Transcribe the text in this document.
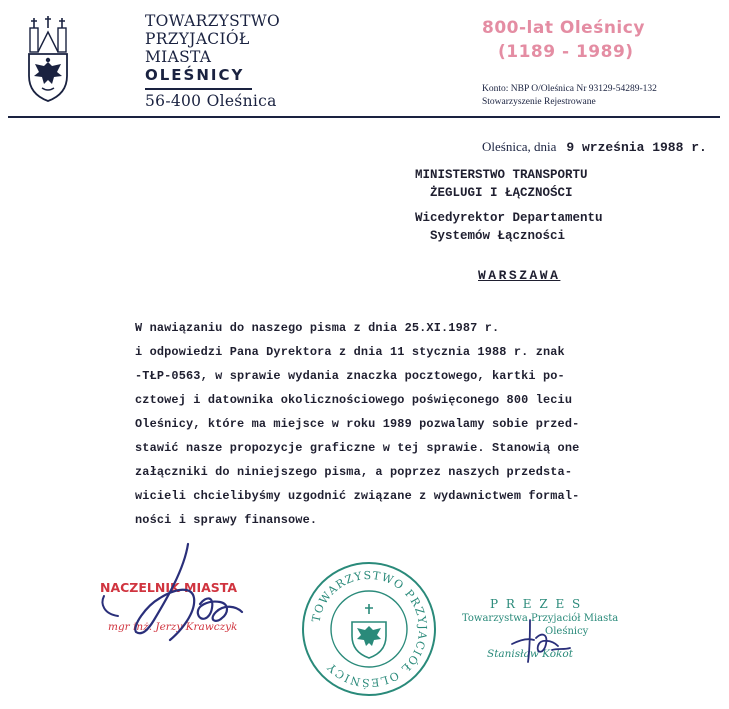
TOWARZYSTWO
PRZYJACIÓŁ
MIASTA
OLEŚNICY
56-400 Oleśnica
800-lat Oleśnicy
(1189 - 1989)
Konto: NBP O/Oleśnica Nr 93129-54289-132
Stowarzyszenie Rejestrowane
Oleśnica, dnia 9 września 1988 r.
MINISTERSTWO TRANSPORTU
ŻEGLUGI I ŁĄCZNOŚCI
Wicedyrektor Departamentu
Systemów Łączności
WARSZAWA
W nawiązaniu do naszego pisma z dnia 25.XI.1987 r.
i odpowiedzi Pana Dyrektora z dnia 11 stycznia 1988 r. znak
-TŁP-0563, w sprawie wydania znaczka pocztowego, kartki po-
cztowej i datownika okolicznościowego poświęconego 800 leciu
Oleśnicy, które ma miejsce w roku 1989 pozwalamy sobie przed-
stawić nasze propozycje graficzne w tej sprawie. Stanowią one
załączniki do niniejszego pisma, a poprzez naszych przedsta-
wicieli chcielibyśmy uzgodnić związane z wydawnictwem formal-
ności i sprawy finansowe.
NACZELNIK MIASTA
mgr inż. Jerzy Krawczyk
TOWARZYSTWO PRZYJACIÓŁ OLEŚNICY
P R E Z E S
Towarzystwa Przyjaciół Miasta
Oleśnicy
Stanisław Kokot
